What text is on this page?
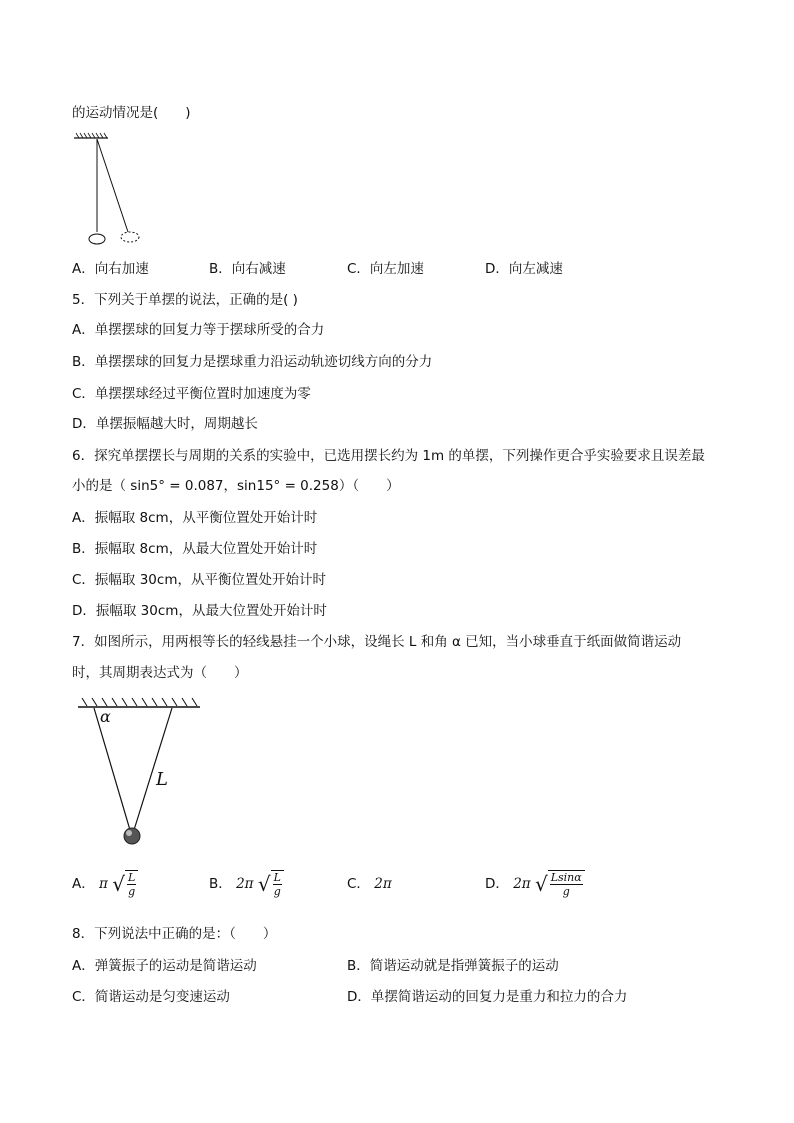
的运动情况是(　　)
A．向右加速	B．向右减速	C．向左加速	D．向左减速
5．下列关于单摆的说法，正确的是( )
A．单摆摆球的回复力等于摆球所受的合力
B．单摆摆球的回复力是摆球重力沿运动轨迹切线方向的分力
C．单摆摆球经过平衡位置时加速度为零
D．单摆振幅越大时，周期越长
6．探究单摆摆长与周期的关系的实验中，已选用摆长约为 1m 的单摆，下列操作更合乎实验要求且误差最
小的是（ sin5° = 0.087，sin15° = 0.258）（　　）
A．振幅取 8cm，从平衡位置处开始计时
B．振幅取 8cm，从最大位置处开始计时
C．振幅取 30cm，从平衡位置处开始计时
D．振幅取 30cm，从最大位置处开始计时
7．如图所示，用两根等长的轻线悬挂一个小球，设绳长 L 和角 α 已知，当小球垂直于纸面做简谐运动
时，其周期表达式为（　　）
α
L
A． π √ $\frac{L}{g}$	B． 2π √ $\frac{L}{g}$	C． 2π	D． 2π √ $\frac{Lsin\alpha}{g}$
8．下列说法中正确的是：（　　）
A．弹簧振子的运动是简谐运动	B．简谐运动就是指弹簧振子的运动
C．简谐运动是匀变速运动	D．单摆简谐运动的回复力是重力和拉力的合力
